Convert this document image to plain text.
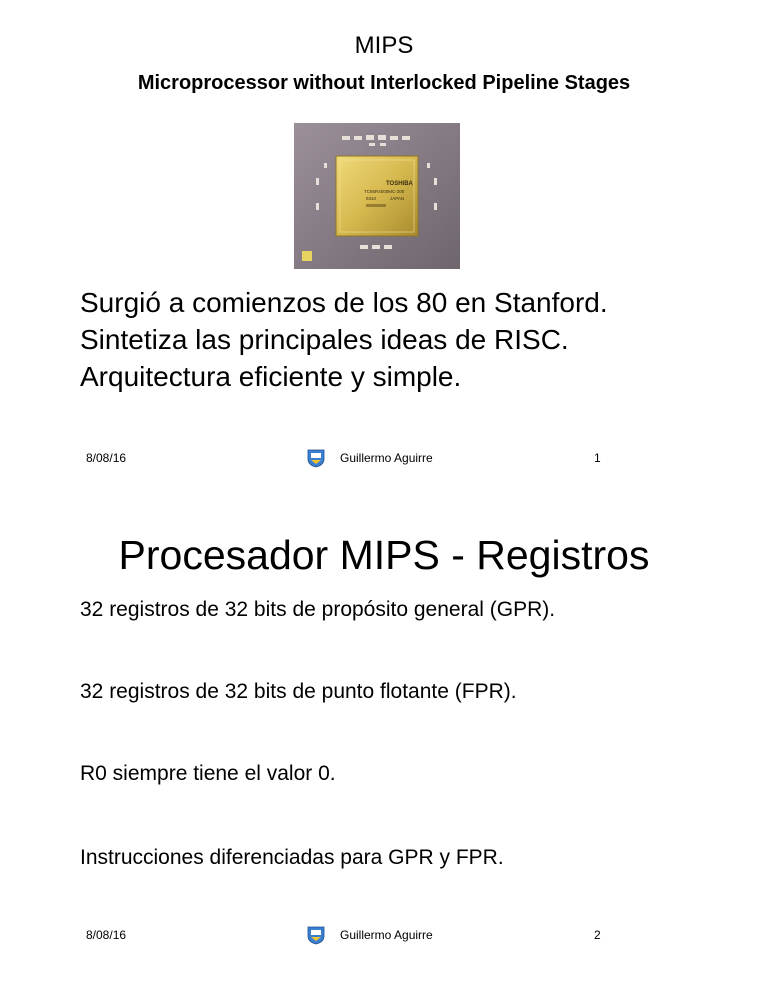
MIPS
Microprocessor without Interlocked Pipeline Stages
TOSHIBA
TC86R4000MC-200
9310	JAPAN
Surgió a comienzos de los 80 en Stanford.
Sintetiza las principales ideas de RISC.
Arquitectura eficiente y simple.
8/08/16	Guillermo Aguirre	1
Procesador MIPS - Registros
32 registros de 32 bits de propósito general (GPR).
32 registros de 32 bits de punto flotante (FPR).
R0 siempre tiene el valor 0.
Instrucciones diferenciadas para GPR y FPR.
8/08/16	Guillermo Aguirre	2
